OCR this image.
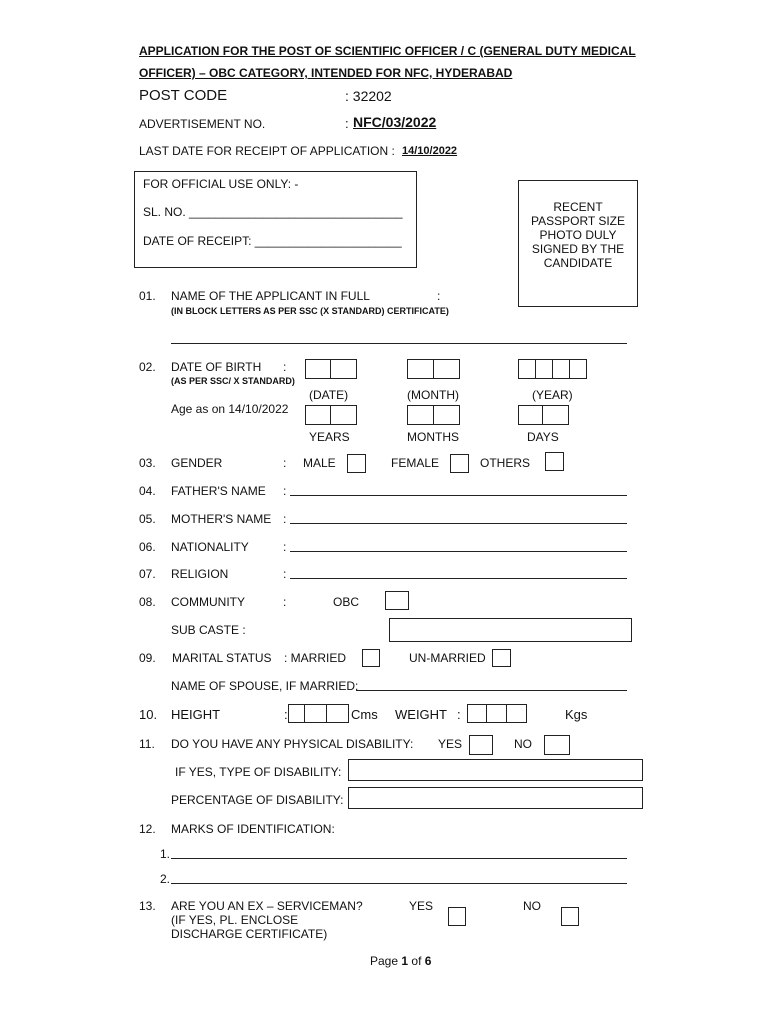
APPLICATION FOR THE POST OF SCIENTIFIC OFFICER / C (GENERAL DUTY MEDICAL
OFFICER) – OBC CATEGORY, INTENDED FOR NFC, HYDERABAD
POST CODE	: 32202
ADVERTISEMENT NO.	: NFC/03/2022
LAST DATE FOR RECEIPT OF APPLICATION : 14/10/2022
FOR OFFICIAL USE ONLY: -
SL. NO. ________________________________
DATE OF RECEIPT: ______________________
RECENT
PASSPORT SIZE
PHOTO DULY
SIGNED BY THE
CANDIDATE
01. NAME OF THE APPLICANT IN FULL	:
(IN BLOCK LETTERS AS PER SSC (X STANDARD) CERTIFICATE)
02. DATE OF BIRTH :
(AS PER SSC/ X STANDARD)
(DATE)	(MONTH)	(YEAR)
Age as on 14/10/2022
YEARS	MONTHS	DAYS
03. GENDER	: MALE	FEMALE	OTHERS
04. FATHER'S NAME :
05. MOTHER'S NAME :
06. NATIONALITY	:
07. RELIGION	:
08. COMMUNITY	:	OBC
SUB CASTE :
09. MARITAL STATUS : MARRIED	UN-MARRIED
NAME OF SPOUSE, IF MARRIED:
10. HEIGHT	:	Cms WEIGHT :	Kgs
11. DO YOU HAVE ANY PHYSICAL DISABILITY: YES	NO
IF YES, TYPE OF DISABILITY:
PERCENTAGE OF DISABILITY:
12. MARKS OF IDENTIFICATION:
1.
2.
13. ARE YOU AN EX – SERVICEMAN?
(IF YES, PL. ENCLOSE
DISCHARGE CERTIFICATE)
YES	NO
Page 1 of 6
